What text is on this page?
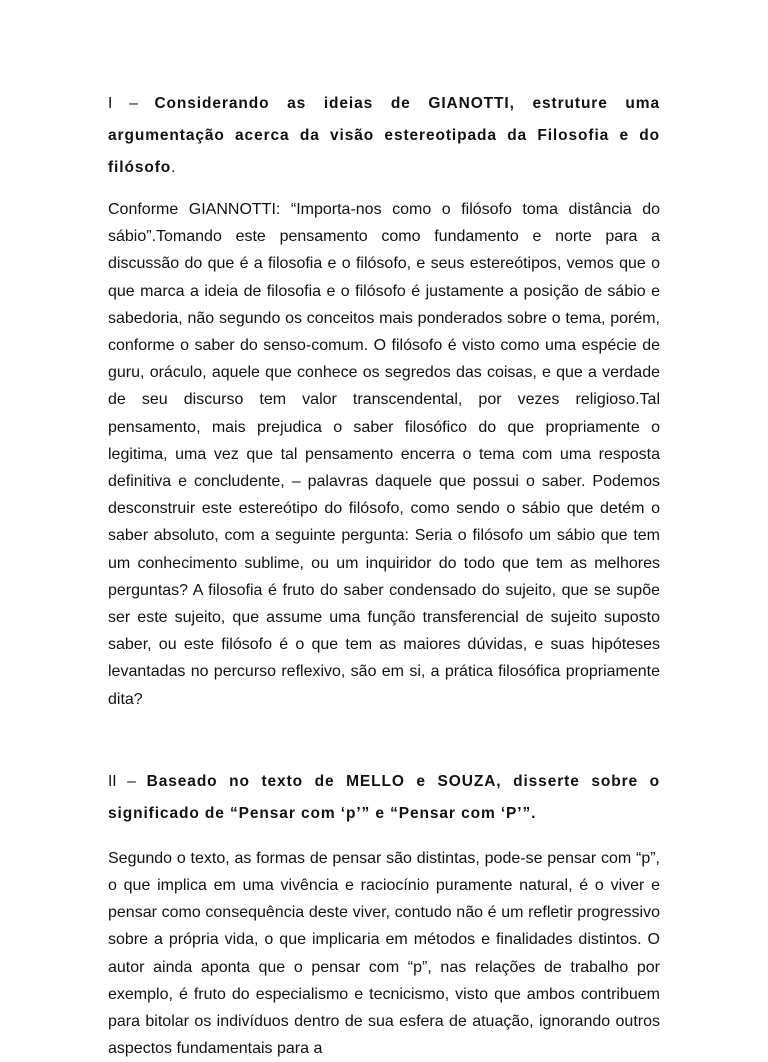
I – Considerando as ideias de GIANOTTI, estruture uma argumentação acerca da visão estereotipada da Filosofia e do filósofo.

Conforme GIANNOTTI: “Importa-nos como o filósofo toma distância do sábio”.Tomando este pensamento como fundamento e norte para a discussão do que é a filosofia e o filósofo, e seus estereótipos, vemos que o que marca a ideia de filosofia e o filósofo é justamente a posição de sábio e sabedoria, não segundo os conceitos mais ponderados sobre o tema, porém, conforme o saber do senso-comum. O filósofo é visto como uma espécie de guru, oráculo, aquele que conhece os segredos das coisas, e que a verdade de seu discurso tem valor transcendental, por vezes religioso.Tal pensamento, mais prejudica o saber filosófico do que propriamente o legitima, uma vez que tal pensamento encerra o tema com uma resposta definitiva e concludente, – palavras daquele que possui o saber. Podemos desconstruir este estereótipo do filósofo, como sendo o sábio que detém o saber absoluto, com a seguinte pergunta: Seria o filósofo um sábio que tem um conhecimento sublime, ou um inquiridor do todo que tem as melhores perguntas? A filosofia é fruto do saber condensado do sujeito, que se supõe ser este sujeito, que assume uma função transferencial de sujeito suposto saber, ou este filósofo é o que tem as maiores dúvidas, e suas hipóteses levantadas no percurso reflexivo, são em si, a prática filosófica propriamente dita?

II – Baseado no texto de MELLO e SOUZA, disserte sobre o significado de “Pensar com ‘p’” e “Pensar com ‘P’”.

Segundo o texto, as formas de pensar são distintas, pode-se pensar com “p”, o que implica em uma vivência e raciocínio puramente natural, é o viver e pensar como consequência deste viver, contudo não é um refletir progressivo sobre a própria vida, o que implicaria em métodos e finalidades distintos. O autor ainda aponta que o pensar com “p”, nas relações de trabalho por exemplo, é fruto do especialismo e tecnicismo, visto que ambos contribuem para bitolar os indivíduos dentro de sua esfera de atuação, ignorando outros aspectos fundamentais para a
